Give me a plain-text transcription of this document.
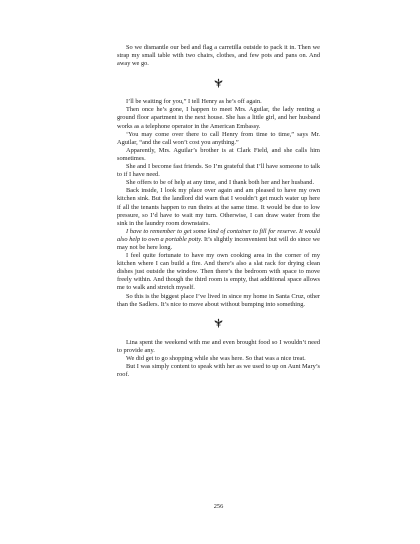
So we dismantle our bed and flag a carretilla outside to pack it in. Then we strap my small table with two chairs, clothes, and few pots and pans on. And away we go.

I’ll be waiting for you,” I tell Henry as he’s off again.

Then once he’s gone, I happen to meet Mrs. Aguilar, the lady renting a ground floor apartment in the next house. She has a little girl, and her husband works as a telephone operator in the American Embassy.

‘You may come over there to call Henry from time to time,” says Mr. Aguilar, “and the call won’t cost you anything.”

Apparently, Mrs. Aguilar’s brother is at Clark Field, and she calls him sometimes.

She and I become fast friends. So I’m grateful that I’ll have someone to talk to if I have need.

She offers to be of help at any time, and I thank both her and her husband.

Back inside, I look my place over again and am pleased to have my own kitchen sink. But the landlord did warn that I wouldn’t get much water up here if all the tenants happen to run theirs at the same time. It would be due to low pressure, so I’d have to wait my turn. Otherwise, I can draw water from the sink in the laundry room downstairs.

I have to remember to get some kind of container to fill for reserve. It would also help to own a portable potty. It’s slightly inconvenient but will do since we may not be here long.

I feel quite fortunate to have my own cooking area in the corner of my kitchen where I can build a fire. And there’s also a slat rack for drying clean dishes just outside the window. Then there’s the bedroom with space to move freely within. And though the third room is empty, that additional space allows me to walk and stretch myself.

So this is the biggest place I’ve lived in since my home in Santa Cruz, other than the Sadlers. It’s nice to move about without bumping into something.

Lina spent the weekend with me and even brought food so I wouldn’t need to provide any.

We did get to go shopping while she was here. So that was a nice treat.

But I was simply content to speak with her as we used to up on Aunt Mary’s roof.

256
